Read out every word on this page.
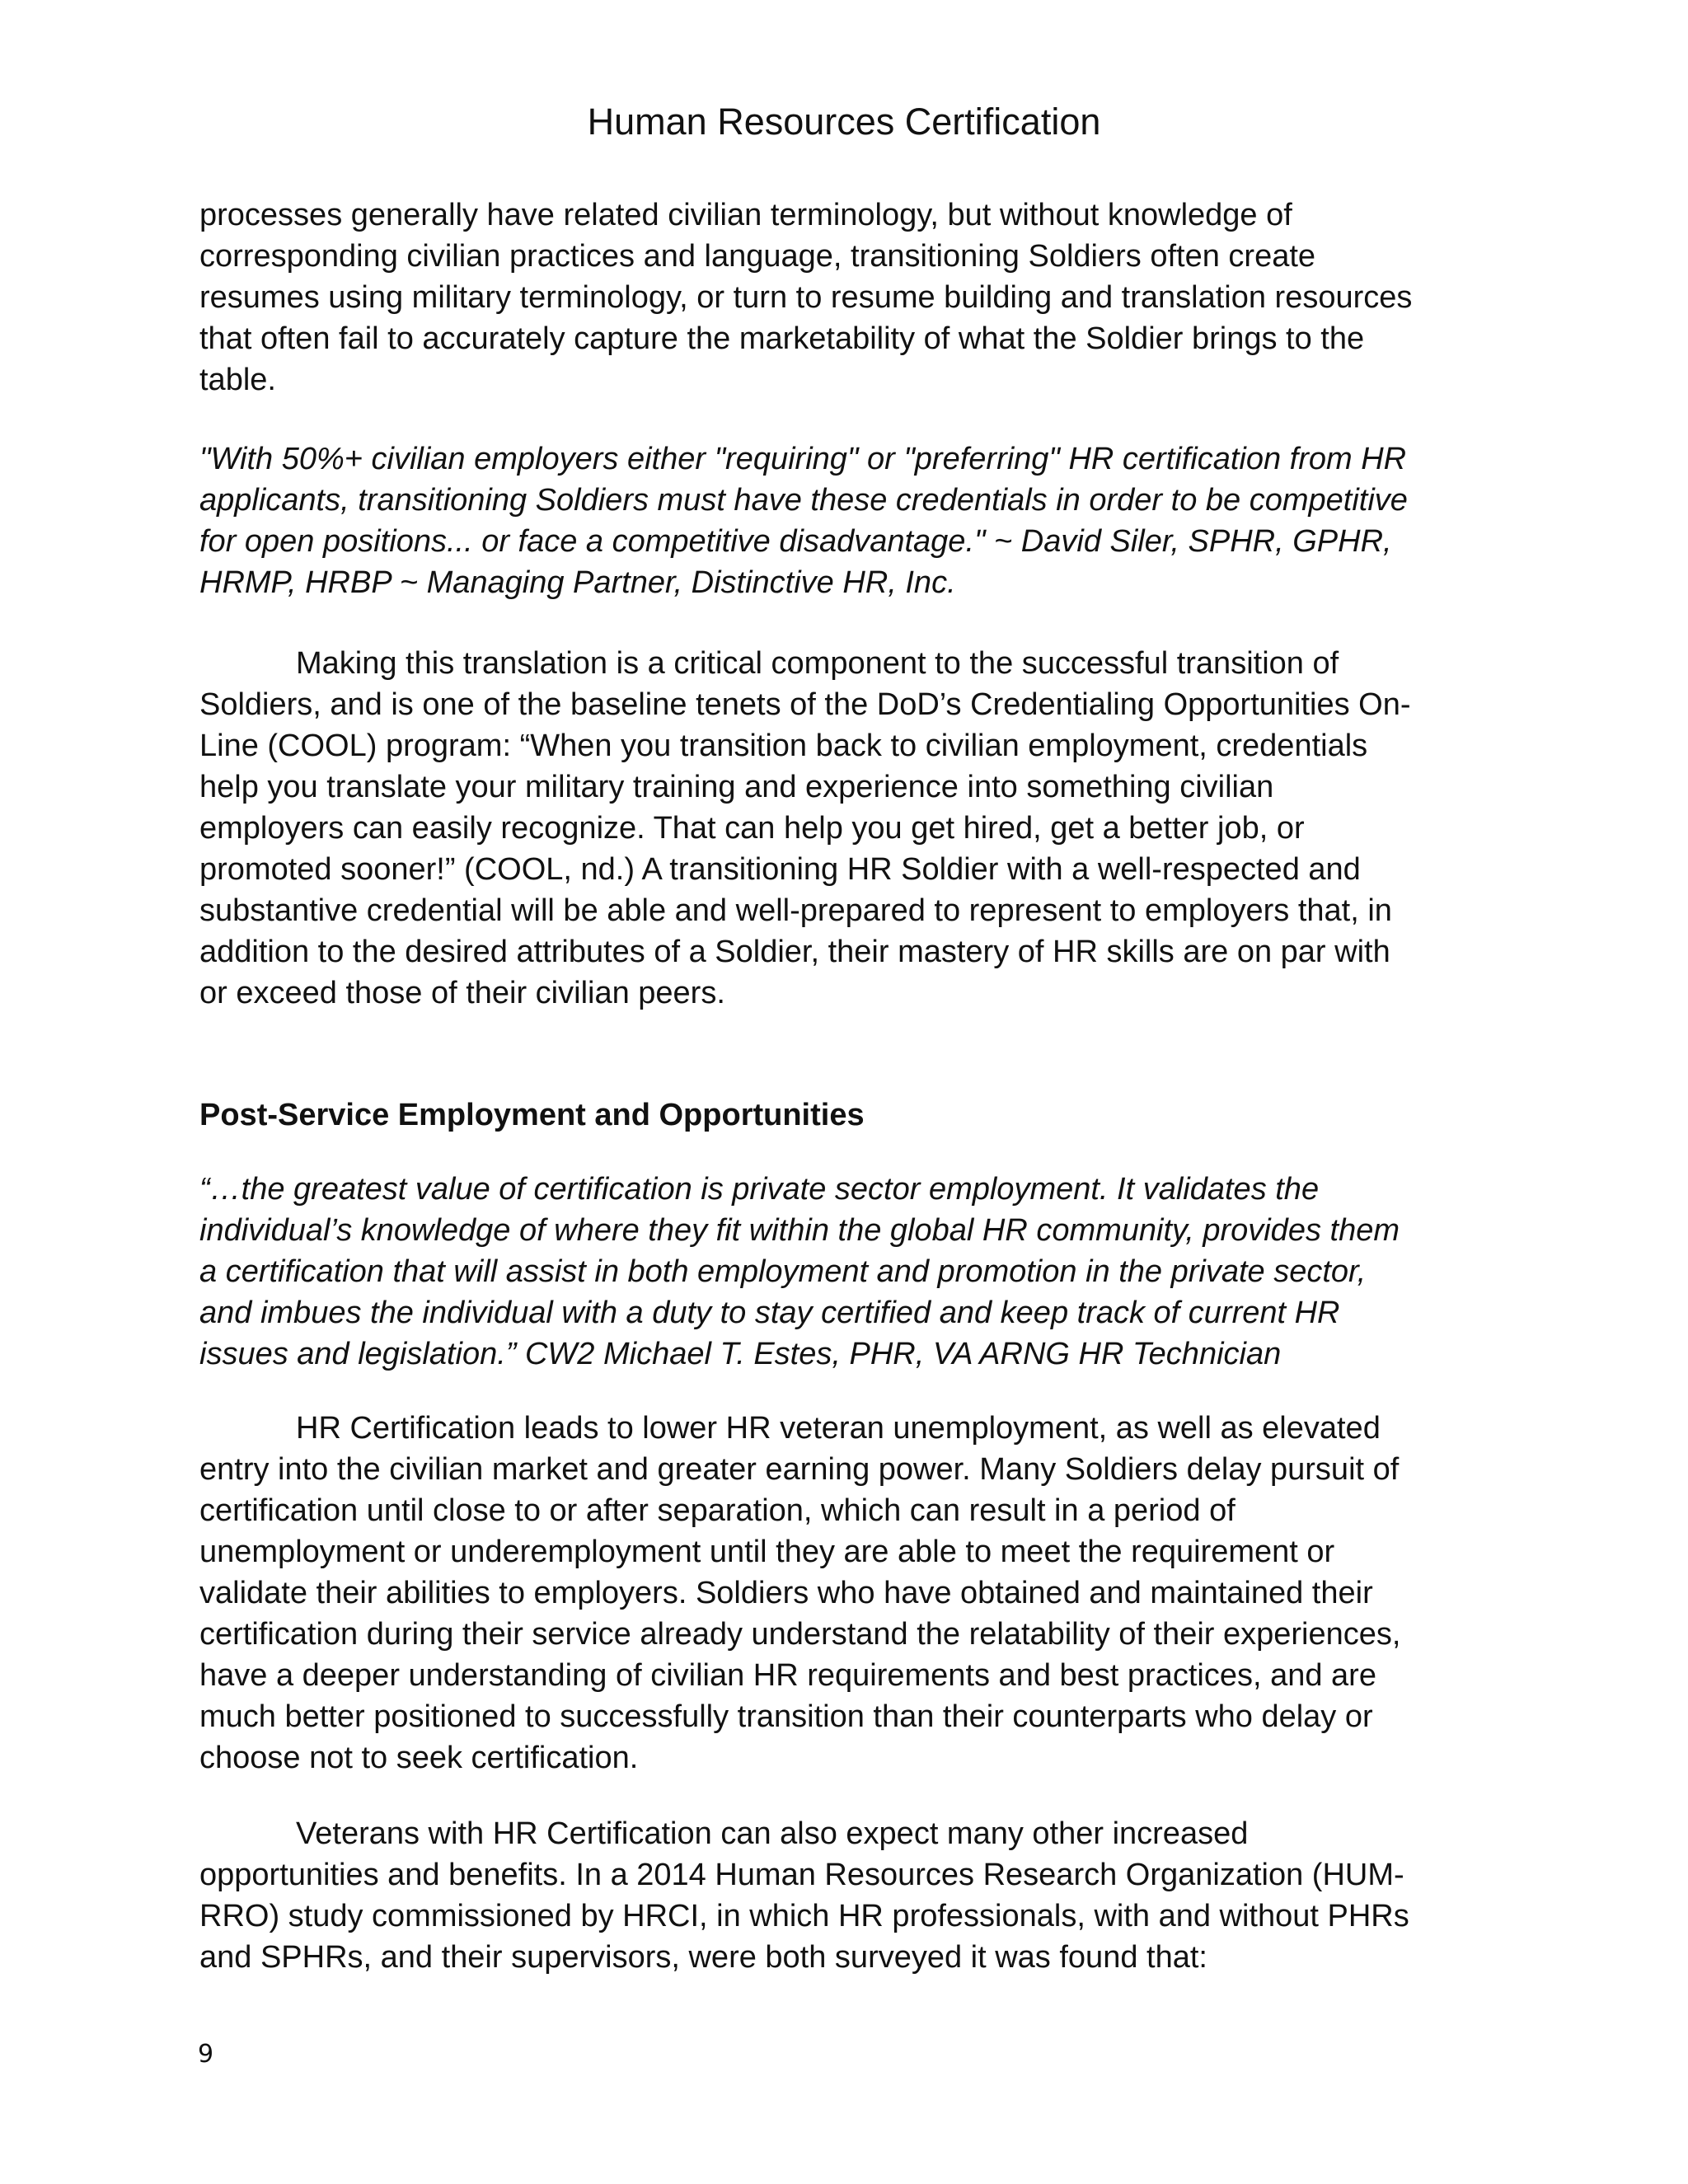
Human Resources Certification

processes generally have related civilian terminology, but without knowledge of
corresponding civilian practices and language, transitioning Soldiers often create
resumes using military terminology, or turn to resume building and translation resources
that often fail to accurately capture the marketability of what the Soldier brings to the
table.

"With 50%+ civilian employers either "requiring" or "preferring" HR certification from HR
applicants, transitioning Soldiers must have these credentials in order to be competitive
for open positions... or face a competitive disadvantage." ~ David Siler, SPHR, GPHR,
HRMP, HRBP ~ Managing Partner, Distinctive HR, Inc.

Making this translation is a critical component to the successful transition of
Soldiers, and is one of the baseline tenets of the DoD’s Credentialing Opportunities On-
Line (COOL) program: “When you transition back to civilian employment, credentials
help you translate your military training and experience into something civilian
employers can easily recognize. That can help you get hired, get a better job, or
promoted sooner!” (COOL, nd.) A transitioning HR Soldier with a well-respected and
substantive credential will be able and well-prepared to represent to employers that, in
addition to the desired attributes of a Soldier, their mastery of HR skills are on par with
or exceed those of their civilian peers.

Post-Service Employment and Opportunities

“…the greatest value of certification is private sector employment. It validates the
individual’s knowledge of where they fit within the global HR community, provides them
a certification that will assist in both employment and promotion in the private sector,
and imbues the individual with a duty to stay certified and keep track of current HR
issues and legislation.” CW2 Michael T. Estes, PHR, VA ARNG HR Technician

HR Certification leads to lower HR veteran unemployment, as well as elevated
entry into the civilian market and greater earning power. Many Soldiers delay pursuit of
certification until close to or after separation, which can result in a period of
unemployment or underemployment until they are able to meet the requirement or
validate their abilities to employers. Soldiers who have obtained and maintained their
certification during their service already understand the relatability of their experiences,
have a deeper understanding of civilian HR requirements and best practices, and are
much better positioned to successfully transition than their counterparts who delay or
choose not to seek certification.

Veterans with HR Certification can also expect many other increased
opportunities and benefits. In a 2014 Human Resources Research Organization (HUM-
RRO) study commissioned by HRCI, in which HR professionals, with and without PHRs
and SPHRs, and their supervisors, were both surveyed it was found that:

9
